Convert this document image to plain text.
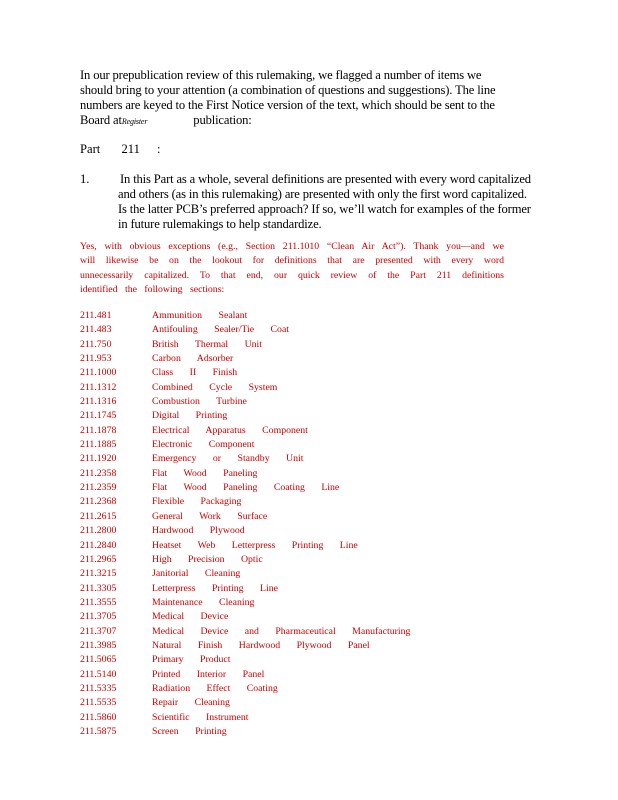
In our prepublication review of this rulemaking, we flagged a number of items we
should bring to your attention (a combination of questions and suggestions). The line
numbers are keyed to the First Notice version of the text, which should be sent to the
Board atRegister	publication:

Part 211 :

1. In this Part as a whole, several definitions are presented with every word capitalized and others (as in this rulemaking) are presented with only the first word capitalized. Is the latter PCB’s preferred approach? If so, we’ll watch for examples of the former in future rulemakings to help standardize.

Yes, with obvious exceptions (e.g., Section 211.1010 “Clean Air Act”). Thank you—and we will likewise be on the lookout for definitions that are presented with every word unnecessarily capitalized. To that end, our quick review of the Part 211 definitions identified the following sections:

211.481	Ammunition Sealant
211.483	Antifouling Sealer/Tie Coat
211.750	British Thermal Unit
211.953	Carbon Adsorber
211.1000	Class II Finish
211.1312	Combined Cycle System
211.1316	Combustion Turbine
211.1745	Digital Printing
211.1878	Electrical Apparatus Component
211.1885	Electronic Component
211.1920	Emergency or Standby Unit
211.2358	Flat Wood Paneling
211.2359	Flat Wood Paneling Coating Line
211.2368	Flexible Packaging
211.2615	General Work Surface
211.2800	Hardwood Plywood
211.2840	Heatset Web Letterpress Printing Line
211.2965	High Precision Optic
211.3215	Janitorial Cleaning
211.3305	Letterpress Printing Line
211.3555	Maintenance Cleaning
211.3705	Medical Device
211.3707	Medical Device and Pharmaceutical Manufacturing
211.3985	Natural Finish Hardwood Plywood Panel
211.5065	Primary Product
211.5140	Printed Interior Panel
211.5335	Radiation Effect Coating
211.5535	Repair Cleaning
211.5860	Scientific Instrument
211.5875	Screen Printing
